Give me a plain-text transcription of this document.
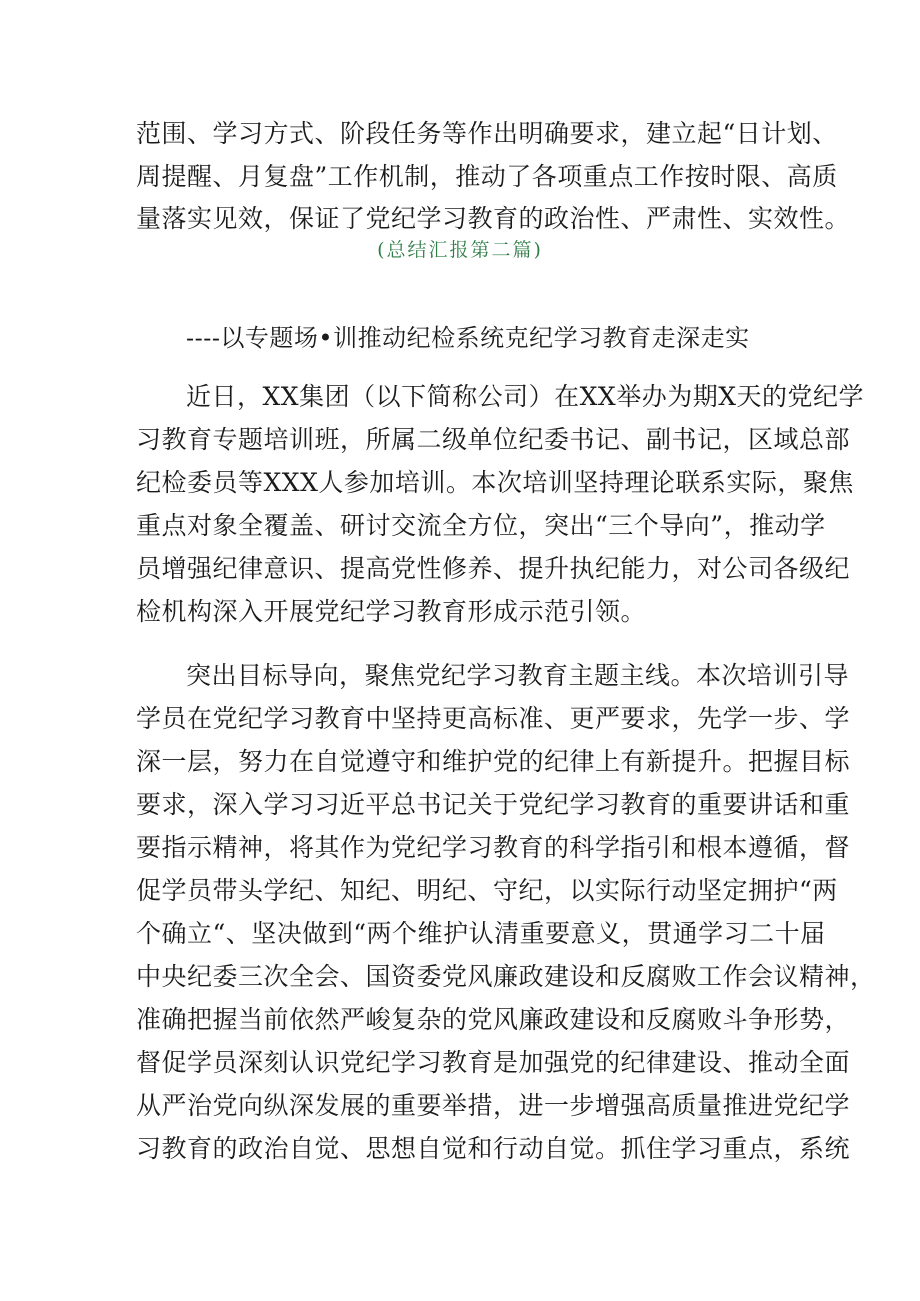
范围、学习方式、阶段任务等作出明确要求，建立起“日计划、
周提醒、月复盘”工作机制，推动了各项重点工作按时限、高质
量落实见效，保证了党纪学习教育的政治性、严肃性、实效性。
(总结汇报第二篇)
----以专题场•训推动纪检系统克纪学习教育走深走实
近日，XX集团（以下简称公司）在XX举办为期X天的党纪学
习教育专题培训班，所属二级单位纪委书记、副书记，区域总部
纪检委员等XXX人参加培训。本次培训坚持理论联系实际，聚焦
重点对象全覆盖、研讨交流全方位，突出“三个导向”，推动学
员增强纪律意识、提高党性修养、提升执纪能力，对公司各级纪
检机构深入开展党纪学习教育形成示范引领。
突出目标导向，聚焦党纪学习教育主题主线。本次培训引导
学员在党纪学习教育中坚持更高标准、更严要求，先学一步、学
深一层，努力在自觉遵守和维护党的纪律上有新提升。把握目标
要求，深入学习习近平总书记关于党纪学习教育的重要讲话和重
要指示精神，将其作为党纪学习教育的科学指引和根本遵循，督
促学员带头学纪、知纪、明纪、守纪，以实际行动坚定拥护“两
个确立“、坚决做到“两个维护认清重要意义，贯通学习二十届
中央纪委三次全会、国资委党风廉政建设和反腐败工作会议精神，
准确把握当前依然严峻复杂的党风廉政建设和反腐败斗争形势，
督促学员深刻认识党纪学习教育是加强党的纪律建设、推动全面
从严治党向纵深发展的重要举措，进一步增强高质量推进党纪学
习教育的政治自觉、思想自觉和行动自觉。抓住学习重点，系统
